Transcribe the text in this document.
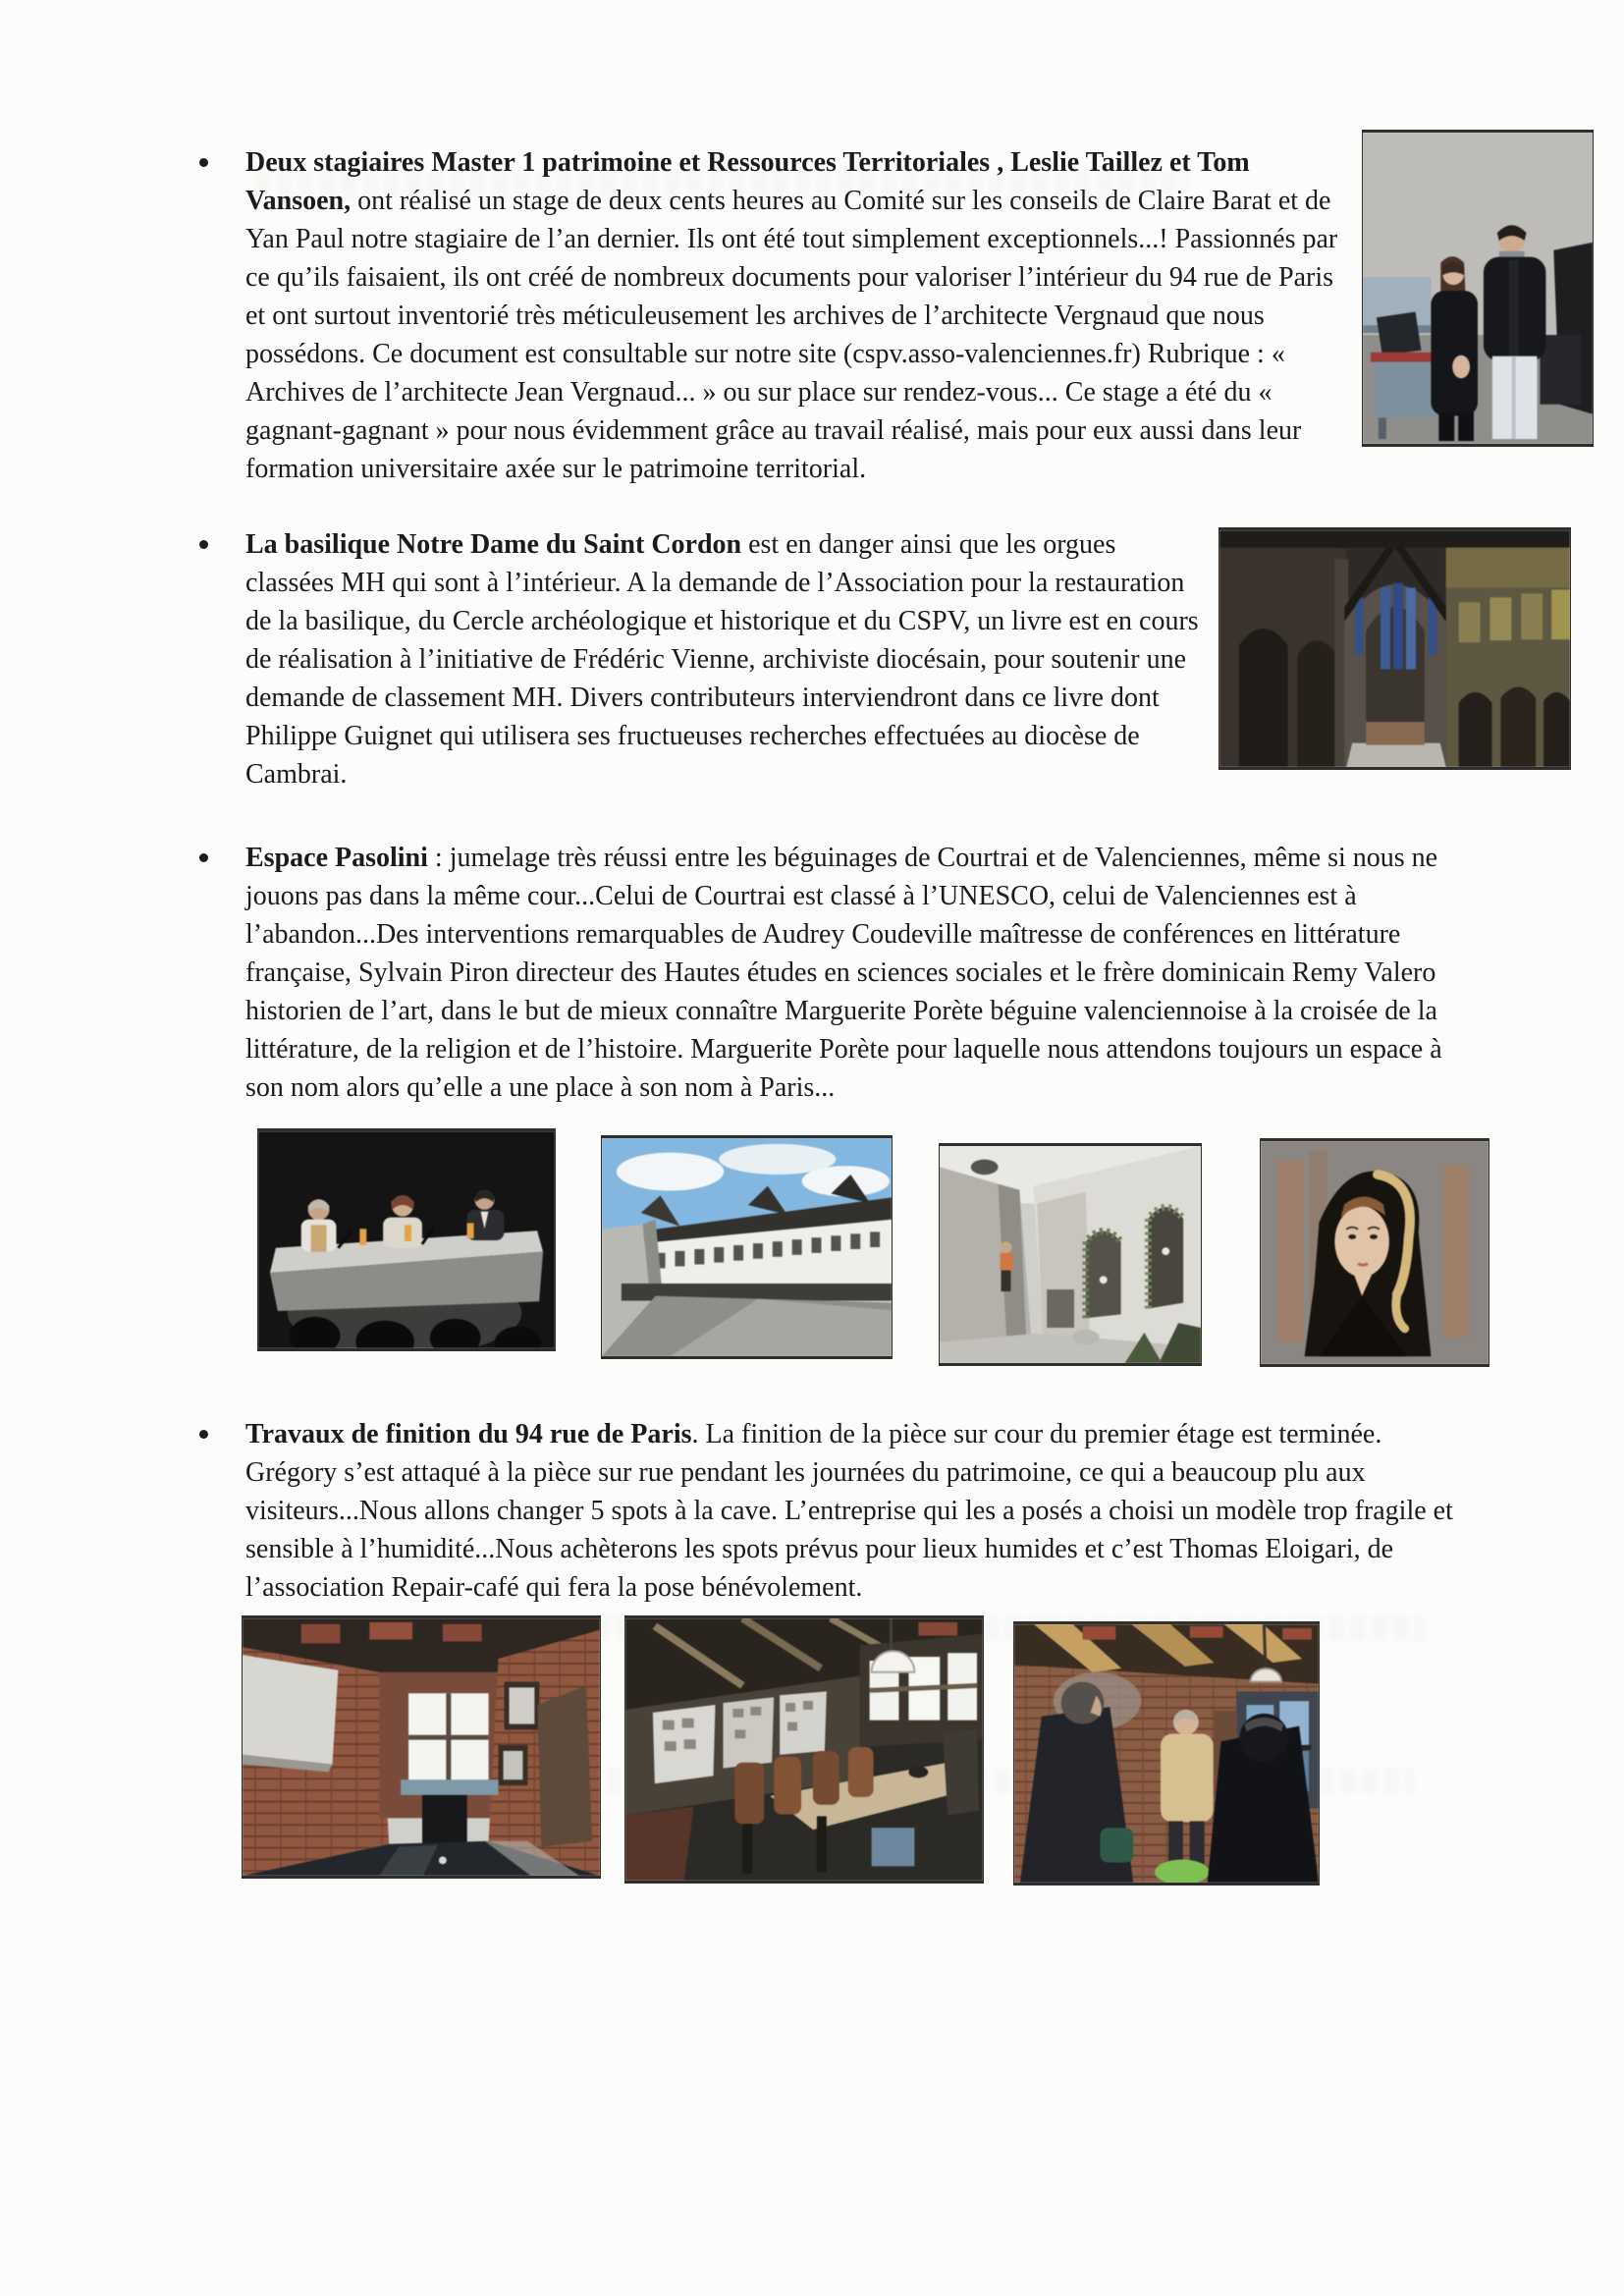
Deux stagiaires Master 1 patrimoine et Ressources Territoriales , Leslie Taillez et Tom Vansoen, ont réalisé un stage de deux cents heures au Comité sur les conseils de Claire Barat et de Yan Paul notre stagiaire de l’an dernier. Ils ont été tout simplement exceptionnels...! Passionnés par ce qu’ils faisaient, ils ont créé de nombreux documents pour valoriser l’intérieur du 94 rue de Paris et ont surtout inventorié très méticuleusement les archives de l’architecte Vergnaud que nous possédons. Ce document est consultable sur notre site (cspv.asso-valenciennes.fr) Rubrique : « Archives de l’architecte Jean Vergnaud... » ou sur place sur rendez-vous... Ce stage a été du « gagnant-gagnant » pour nous évidemment grâce au travail réalisé, mais pour eux aussi dans leur formation universitaire axée sur le patrimoine territorial.

La basilique Notre Dame du Saint Cordon est en danger ainsi que les orgues classées MH qui sont à l’intérieur. A la demande de l’Association pour la restauration de la basilique, du Cercle archéologique et historique et du CSPV, un livre est en cours de réalisation à l’initiative de Frédéric Vienne, archiviste diocésain, pour soutenir une demande de classement MH. Divers contributeurs interviendront dans ce livre dont Philippe Guignet qui utilisera ses fructueuses recherches effectuées au diocèse de Cambrai.

Espace Pasolini : jumelage très réussi entre les béguinages de Courtrai et de Valenciennes, même si nous ne jouons pas dans la même cour...Celui de Courtrai est classé à l’UNESCO, celui de Valenciennes est à l’abandon...Des interventions remarquables de Audrey Coudeville maîtresse de conférences en littérature française, Sylvain Piron directeur des Hautes études en sciences sociales et le frère dominicain Remy Valero historien de l’art, dans le but de mieux connaître Marguerite Porète béguine valenciennoise à la croisée de la littérature, de la religion et de l’histoire. Marguerite Porète pour laquelle nous attendons toujours un espace à son nom alors qu’elle a une place à son nom à Paris...

Travaux de finition du 94 rue de Paris. La finition de la pièce sur cour du premier étage est terminée. Grégory s’est attaqué à la pièce sur rue pendant les journées du patrimoine, ce qui a beaucoup plu aux visiteurs...Nous allons changer 5 spots à la cave. L’entreprise qui les a posés a choisi un modèle trop fragile et sensible à l’humidité...Nous achèterons les spots prévus pour lieux humides et c’est Thomas Eloigari, de l’association Repair-café qui fera la pose bénévolement.
